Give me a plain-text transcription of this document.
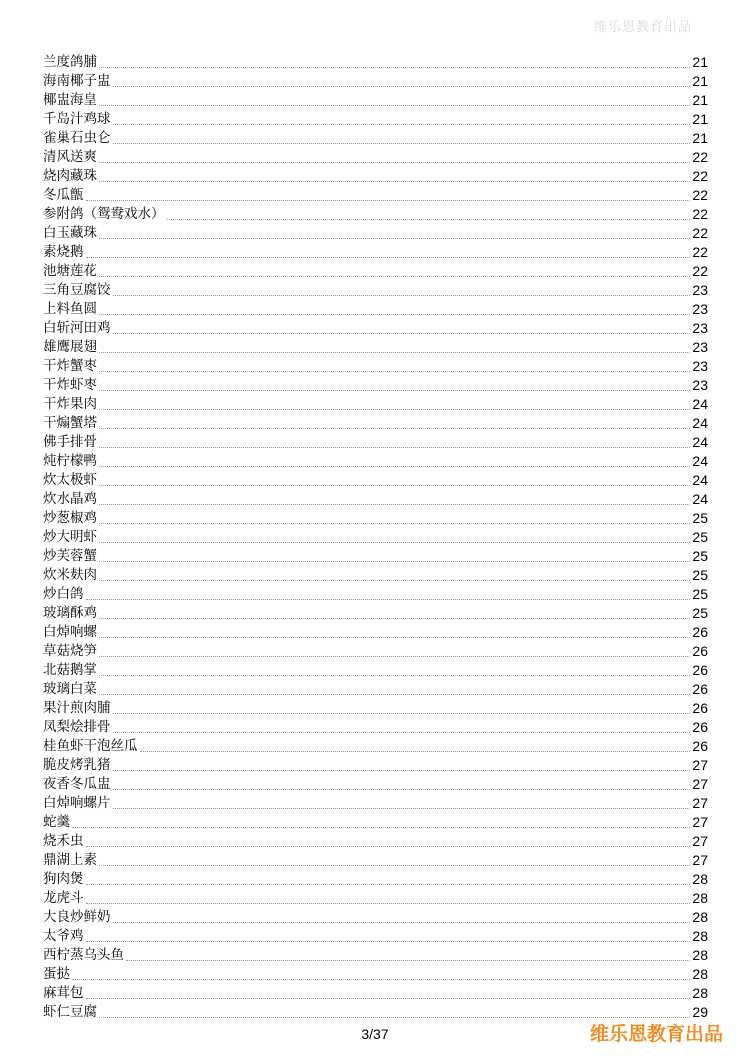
维乐恩教育出品
兰度鸽脯	21
海南椰子盅	21
椰盅海皇	21
千岛汁鸡球	21
雀巢石虫仑	21
清风送爽	22
烧肉藏珠	22
冬瓜甑	22
参附鸽（鸳鸯戏水）	22
白玉藏珠	22
素烧鹅	22
池塘莲花	22
三角豆腐饺	23
上料鱼圆	23
白斩河田鸡	23
雄鹰展翅	23
干炸蟹枣	23
干炸虾枣	23
干炸果肉	24
干煽蟹塔	24
佛手排骨	24
炖柠檬鸭	24
炊太极虾	24
炊水晶鸡	24
炒葱椒鸡	25
炒大明虾	25
炒芙蓉蟹	25
炊米麸肉	25
炒白鸽	25
玻璃酥鸡	25
白焯响螺	26
草菇烧笋	26
北菇鹅掌	26
玻璃白菜	26
果汁煎肉脯	26
凤梨烩排骨	26
桂鱼虾干泡丝瓜	26
脆皮烤乳猪	27
夜香冬瓜盅	27
白焯响螺片	27
蛇羹	27
烧禾虫	27
鼎湖上素	27
狗肉煲	28
龙虎斗	28
大良炒鲜奶	28
太爷鸡	28
西柠蒸乌头鱼	28
蛋挞	28
麻茸包	28
虾仁豆腐	29
3/37	维乐恩教育出品
